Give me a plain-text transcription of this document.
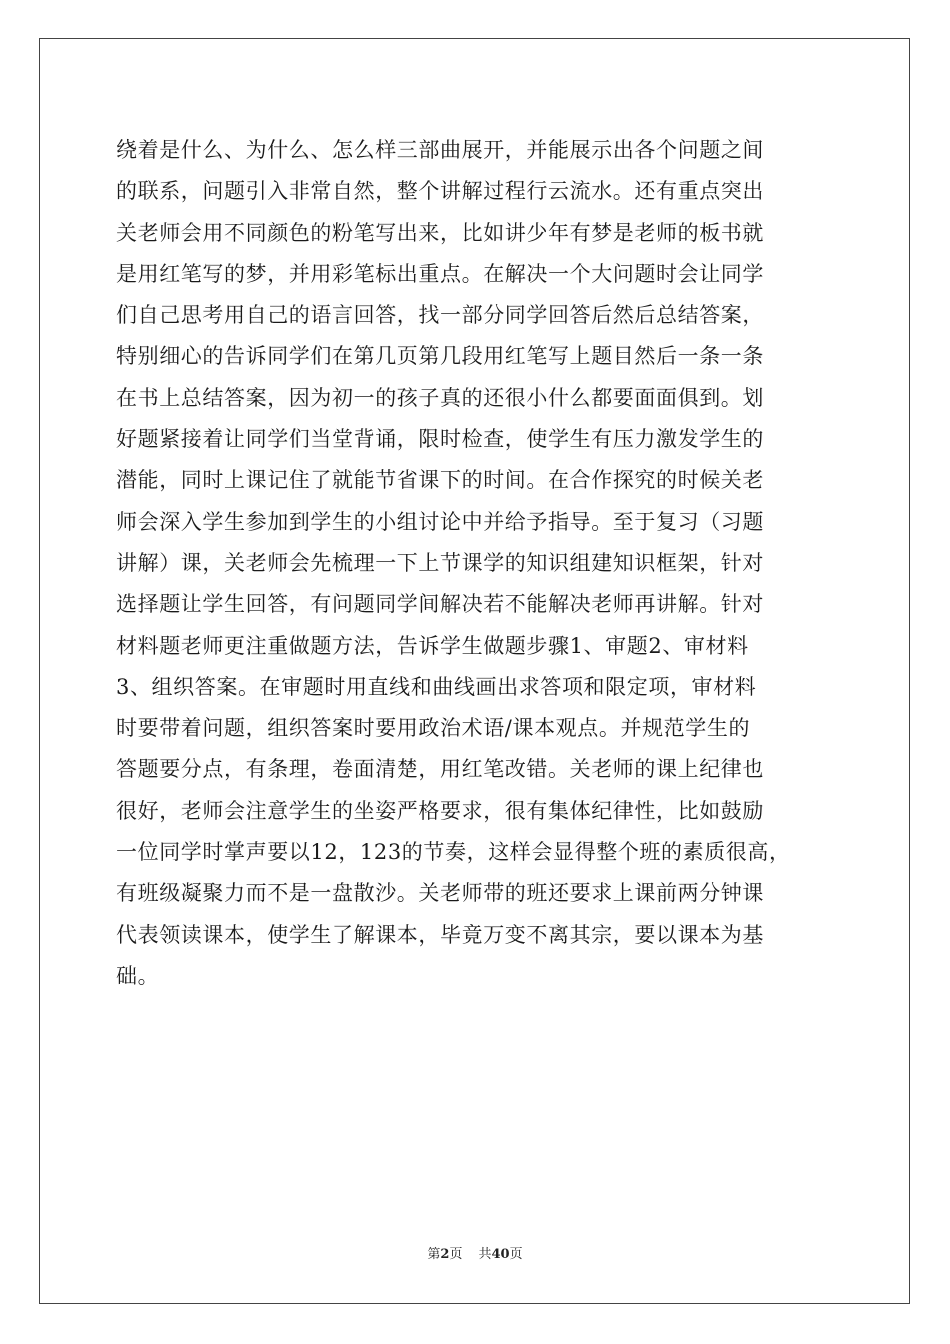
绕着是什么、为什么、怎么样三部曲展开，并能展示出各个问题之间
的联系，问题引入非常自然，整个讲解过程行云流水。还有重点突出
关老师会用不同颜色的粉笔写出来，比如讲少年有梦是老师的板书就
是用红笔写的梦，并用彩笔标出重点。在解决一个大问题时会让同学
们自己思考用自己的语言回答，找一部分同学回答后然后总结答案，
特别细心的告诉同学们在第几页第几段用红笔写上题目然后一条一条
在书上总结答案，因为初一的孩子真的还很小什么都要面面俱到。划
好题紧接着让同学们当堂背诵，限时检查，使学生有压力激发学生的
潜能，同时上课记住了就能节省课下的时间。在合作探究的时候关老
师会深入学生参加到学生的小组讨论中并给予指导。至于复习（习题
讲解）课，关老师会先梳理一下上节课学的知识组建知识框架，针对
选择题让学生回答，有问题同学间解决若不能解决老师再讲解。针对
材料题老师更注重做题方法，告诉学生做题步骤1、审题2、审材料
3、组织答案。在审题时用直线和曲线画出求答项和限定项，审材料
时要带着问题，组织答案时要用政治术语/课本观点。并规范学生的
答题要分点，有条理，卷面清楚，用红笔改错。关老师的课上纪律也
很好，老师会注意学生的坐姿严格要求，很有集体纪律性，比如鼓励
一位同学时掌声要以12，123的节奏，这样会显得整个班的素质很高，
有班级凝聚力而不是一盘散沙。关老师带的班还要求上课前两分钟课
代表领读课本，使学生了解课本，毕竟万变不离其宗，要以课本为基
础。
第2页 共40页
